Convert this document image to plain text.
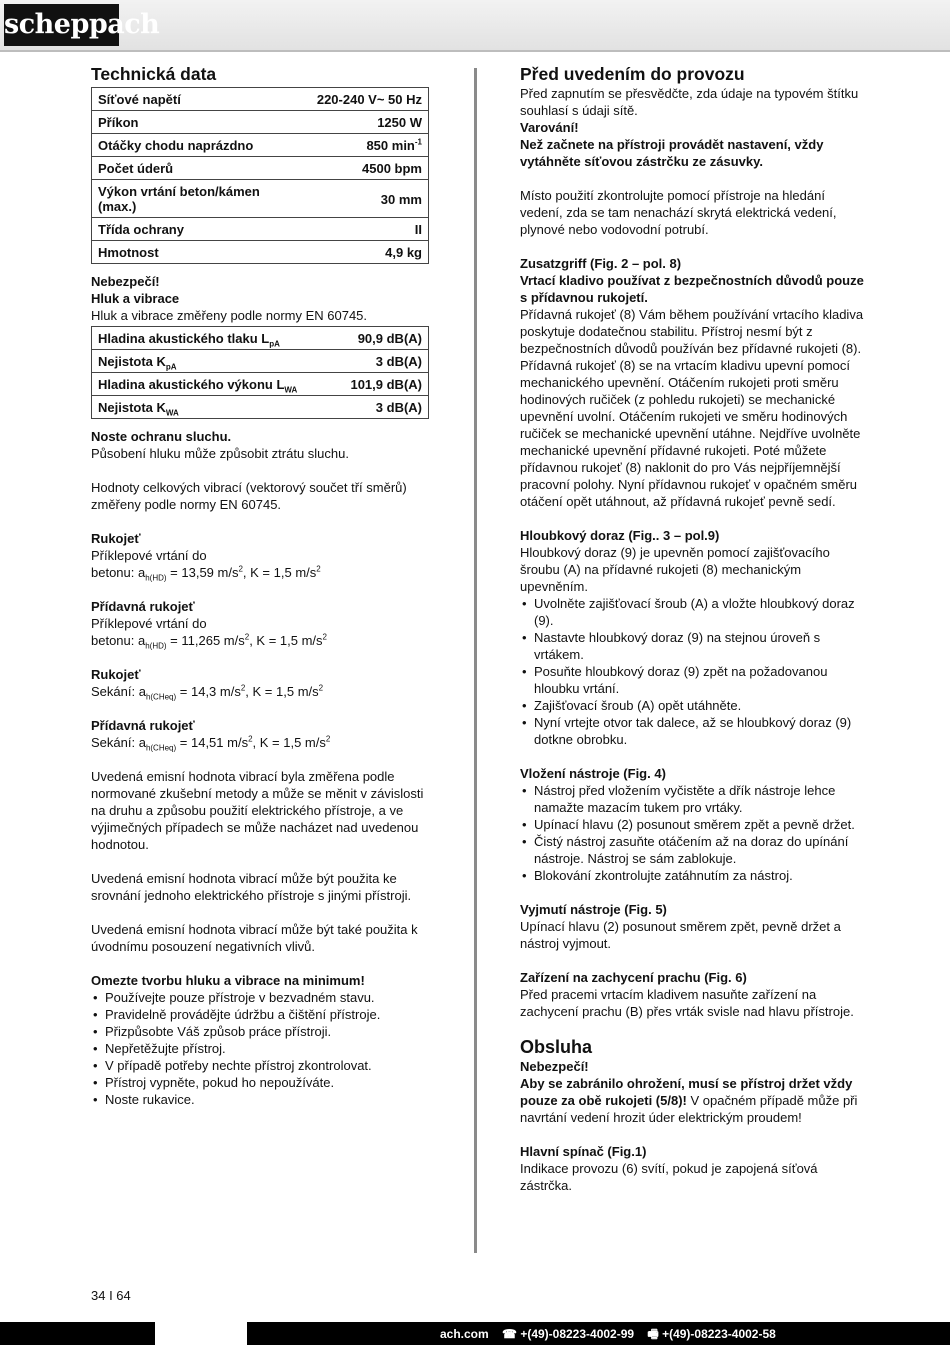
scheppach
Technická data
Síťové napětí	220-240 V~ 50 Hz
Příkon	1250 W
Otáčky chodu naprázdno	850 $\min^{-1}$
Počet úderů	4500 bpm
Výkon vrtání beton/kámen (max.)	30 mm
Třída ochrany	II
Hmotnost	4,9 kg

Nebezpečí!

Hluk a vibrace

Hluk a vibrace změřeny podle normy EN 60745.

Hladina akustického tlaku $L_{pA}$	90,9 dB(A)
Nejistota $K_{pA}$	3 dB(A)
Hladina akustického výkonu $L_{WA}$	101,9 dB(A)
Nejistota $K_{WA}$	3 dB(A)

Noste ochranu sluchu.

Působení hluku může způsobit ztrátu sluchu.

Hodnoty celkových vibrací (vektorový součet tří směrů) změřeny podle normy EN 60745.

Rukojeť

Příklepové vrtání do

betonu: $a_{h(HD)} = 13,59$ $m/s^2$, K = 1,5 $m/s^2$

Přídavná rukojeť

Příklepové vrtání do

betonu: $a_{h(HD)} = 11,265$ $m/s^2$, K = 1,5 $m/s^2$

Rukojeť

Sekání: $a_{h(CHeq)} = 14,3$ $m/s^2$, K = 1,5 $m/s^2$

Přídavná rukojeť

Sekání: $a_{h(CHeq)} = 14,51$ $m/s^2$, K = 1,5 $m/s^2$

Uvedená emisní hodnota vibrací byla změřena podle normované zkušební metody a může se měnit v závislosti na druhu a způsobu použití elektrického přístroje, a ve výjimečných případech se může nacházet nad uvedenou hodnotou.

Uvedená emisní hodnota vibrací může být použita ke srovnání jednoho elektrického přístroje s jinými přístroji.

Uvedená emisní hodnota vibrací může být také použita k úvodnímu posouzení negativních vlivů.

Omezte tvorbu hluku a vibrace na minimum!

• Používejte pouze přístroje v bezvadném stavu.
• Pravidelně provádějte údržbu a čištění přístroje.
• Přizpůsobte Váš způsob práce přístroji.
• Nepřetěžujte přístroj.
• V případě potřeby nechte přístroj zkontrolovat.
• Přístroj vypněte, pokud ho nepoužíváte.
• Noste rukavice.
Před uvedením do provozu

Před zapnutím se přesvědčte, zda údaje na typovém štítku souhlasí s údaji sítě.

Varování!

Než začnete na přístroji provádět nastavení, vždy vytáhněte síťovou zástrčku ze zásuvky.

Místo použití zkontrolujte pomocí přístroje na hledání vedení, zda se tam nenachází skrytá elektrická vedení, plynové nebo vodovodní potrubí.

Zusatzgriff (Fig. 2 – pol. 8)

Vrtací kladivo používat z bezpečnostních důvodů pouze s přídavnou rukojetí.

Přídavná rukojeť (8) Vám během používání vrtacího kladiva poskytuje dodatečnou stabilitu. Přístroj nesmí být z bezpečnostních důvodů používán bez přídavné rukojeti (8). Přídavná rukojeť (8) se na vrtacím kladivu upevní pomocí mechanického upevnění. Otáčením rukojeti proti směru hodinových ručiček (z pohledu rukojeti) se mechanické upevnění uvolní. Otáčením rukojeti ve směru hodinových ručiček se mechanické upevnění utáhne. Nejdříve uvolněte mechanické upevnění přídavné rukojeti. Poté můžete přídavnou rukojeť (8) naklonit do pro Vás nejpříjemnější pracovní polohy. Nyní přídavnou rukojeť v opačném směru otáčení opět utáhnout, až přídavná rukojeť pevně sedí.

Hloubkový doraz (Fig.. 3 – pol.9)

Hloubkový doraz (9) je upevněn pomocí zajišťovacího šroubu (A) na přídavné rukojeti (8) mechanickým upevněním.

• Uvolněte zajišťovací šroub (A) a vložte hloubkový doraz (9).
• Nastavte hloubkový doraz (9) na stejnou úroveň s vrtákem.
• Posuňte hloubkový doraz (9) zpět na požadovanou hloubku vrtání.
• Zajišťovací šroub (A) opět utáhněte.
• Nyní vrtejte otvor tak dalece, až se hloubkový doraz (9) dotkne obrobku.

Vložení nástroje (Fig. 4)

• Nástroj před vložením vyčistěte a dřík nástroje lehce namažte mazacím tukem pro vrtáky.
• Upínací hlavu (2) posunout směrem zpět a pevně držet.
• Čistý nástroj zasuňte otáčením až na doraz do upínání nástroje. Nástroj se sám zablokuje.
• Blokování zkontrolujte zatáhnutím za nástroj.

Vyjmutí nástroje (Fig. 5)

Upínací hlavu (2) posunout směrem zpět, pevně držet a nástroj vyjmout.

Zařízení na zachycení prachu (Fig. 6)

Před pracemi vrtacím kladivem nasuňte zařízení na zachycení prachu (B) přes vrták svisle nad hlavu přístroje.

Obsluha

Nebezpečí!

Aby se zabránilo ohrožení, musí se přístroj držet vždy pouze za obě rukojeti (5/8)! V opačném případě může při navrtání vedení hrozit úder elektrickým proudem!

Hlavní spínač (Fig.1)

Indikace provozu (6) svítí, pokud je zapojená síťová zástrčka.

34 I 64
ach.com ☎ +(49)-08223-4002-99 🖷 +(49)-08223-4002-58
